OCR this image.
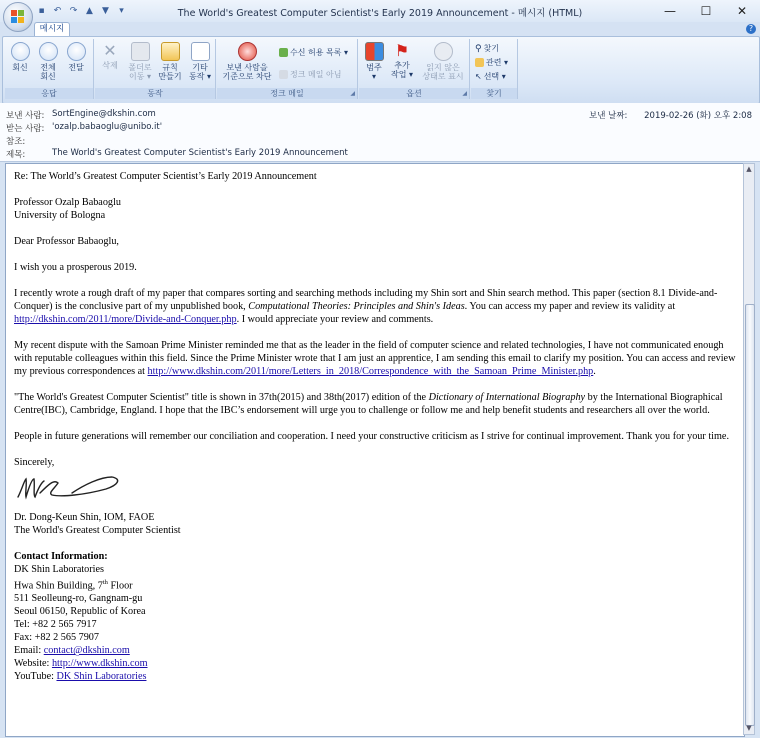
▪ ↶ ↷ ▲ ▼	▾	The World's Greatest Computer Scientist's Early 2019 Announcement - 메시지 (HTML)	—	☐	✕
메시지	?
회신	전체
회신
전달
응답
✕
삭제	폴더로
이동 ▾
규칙
만들기
기타
동작 ▾
동작
보낸 사람을
기준으로 차단
수신 허용 목록 ▾
정크 메일 아님
정크 메일	◢
범주
▾
⚑
추가
작업 ▾
읽지 않은
상태로 표시
옵션	◢
⚲ 찾기
관련 ▾
↖ 선택 ▾
찾기
보낸 사람: SortEngine@dkshin.com
받는 사람: 'ozalp.babaoglu@unibo.it'
참조:
제목:	The World's Greatest Computer Scientist's Early 2019 Announcement
보낸 날짜: 2019-02-26 (화) 오후 2:08

Re: The World’s Greatest Computer Scientist’s Early 2019 Announcement

Professor Ozalp Babaoglu

University of Bologna

Dear Professor Babaoglu,

I wish you a prosperous 2019.

I recently wrote a rough draft of my paper that compares sorting and searching methods including my Shin sort and Shin search method. This paper (section 8.1 Divide-and-Conquer) is the conclusive part of my unpublished book, Computational Theories: Principles and Shin's Ideas. You can access my paper and review its validity at http://dkshin.com/2011/more/Divide-and-Conquer.php. I would appreciate your review and comments.

My recent dispute with the Samoan Prime Minister reminded me that as the leader in the field of computer science and related technologies, I have not communicated enough with reputable colleagues within this field. Since the Prime Minister wrote that I am just an apprentice, I am sending this email to clarify my position. You can access and review my previous correspondences at http://www.dkshin.com/2011/more/Letters_in_2018/Correspondence_with_the_Samoan_Prime_Minister.php.

"The World's Greatest Computer Scientist" title is shown in 37th(2015) and 38th(2017) edition of the Dictionary of International Biography by the International Biographical Centre(IBC), Cambridge, England. I hope that the IBC’s endorsement will urge you to challenge or follow me and help benefit students and researchers all over the world.

People in future generations will remember our conciliation and cooperation. I need your constructive criticism as I strive for continual improvement. Thank you for your time.

Sincerely,

Dr. Dong-Keun Shin, IOM, FAOE

The World's Greatest Computer Scientist

Contact Information:

DK Shin Laboratories

Hwa Shin Building, 7th Floor

511 Seolleung-ro, Gangnam-gu

Seoul 06150, Republic of Korea

Tel: +82 2 565 7917

Fax: +82 2 565 7907

Email: contact@dkshin.com

Website: http://www.dkshin.com

YouTube: DK Shin Laboratories

▲
▼
